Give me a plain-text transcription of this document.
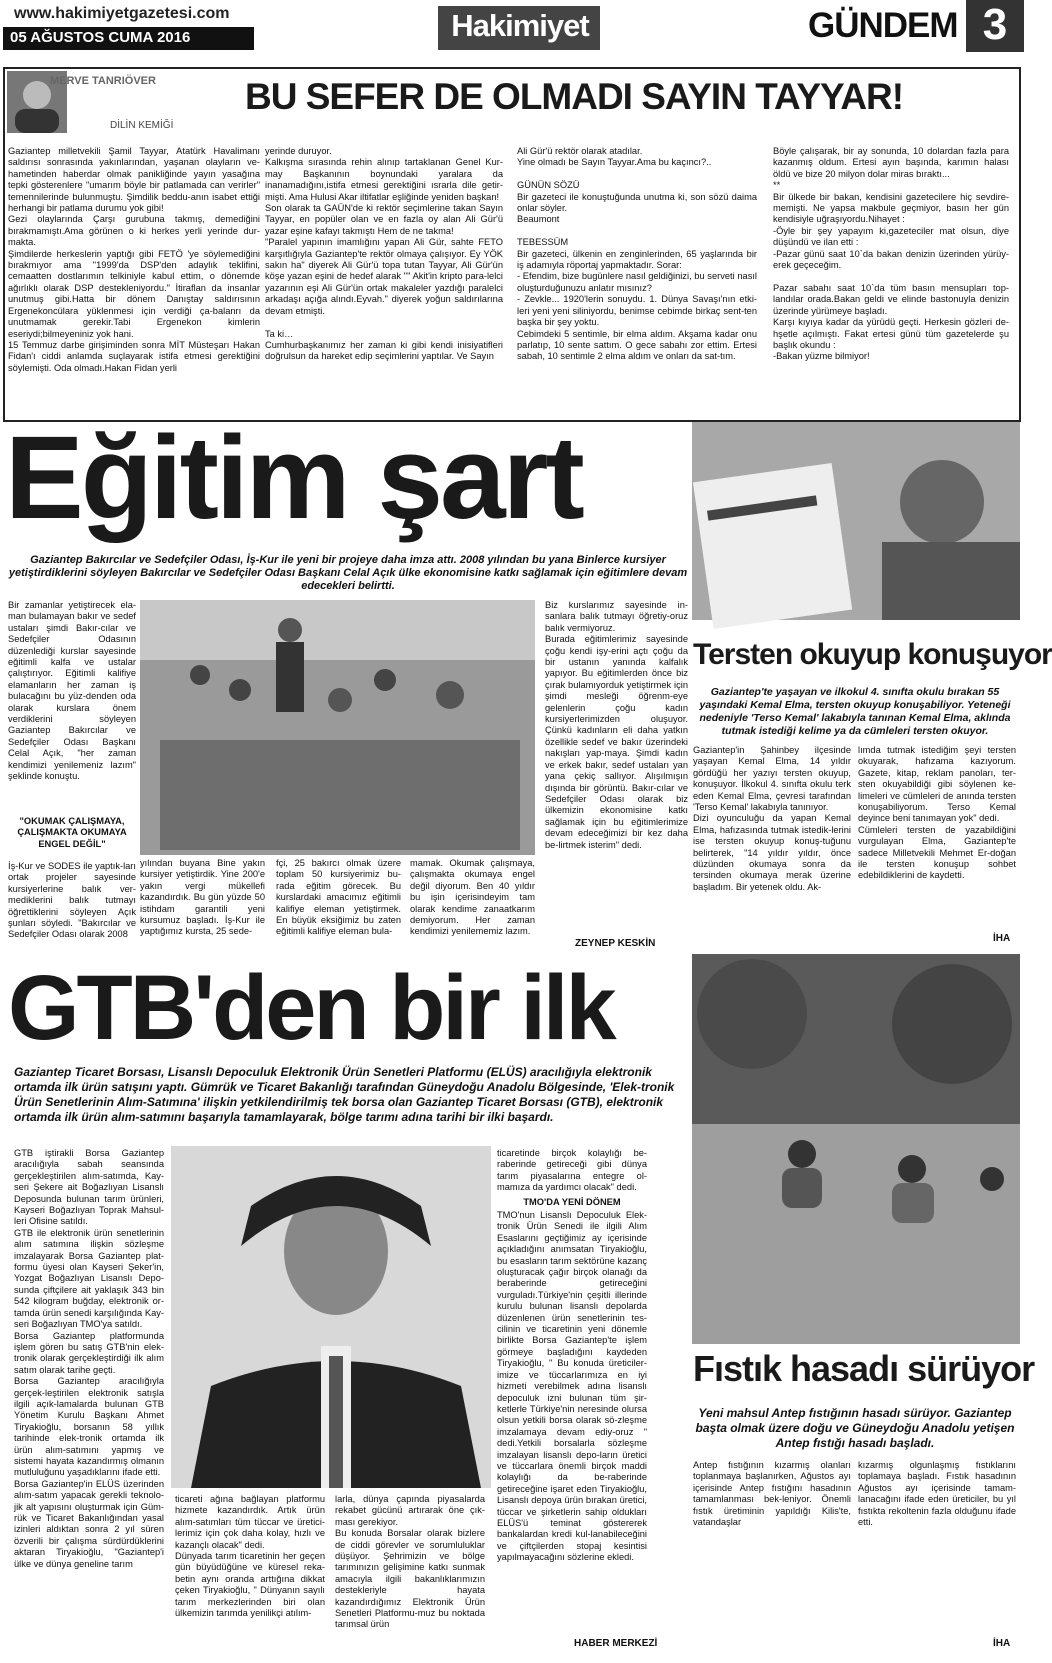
www.hakimiyetgazetesi.com
05 AĞUSTOS CUMA 2016	Hakimiyet	GÜNDEM 3
MERVE TANRIÖVER
DİLİN KEMİĞİ
BU SEFER DE OLMADI SAYIN TAYYAR!
Gaziantep milletvekili Şamil Tayyar, Atatürk Havalimanı saldırısı sonrasında yakınlarından, yaşanan olayların ve-hametinden haberdar olmak panikliğinde yayın yasağına tepki gösterenlere "umarım böyle bir patlamada can verirler" temennilerinde bulunmuştu. Şimdilik beddu-anın isabet ettiği herhangi bir patlama durumu yok gibi!
Gezi olaylarında Çarşı gurubuna takmış, demediğini bırakmamıştı.Ama görünen o ki herkes yerli yerinde dur-makta.
Şimdilerde herkeslerin yaptığı gibi FETÖ 'ye söylemediğini bırakmıyor ama "1999'da DSP'den adaylık teklifini, cemaatten dostlarımın telkiniyle kabul ettim, o dönemde ağırlıklı olarak DSP destekleniyordu." İtiraflan da insanlar unutmuş gibi.Hatta bir dönem Danıştay saldırısının Ergenekoncülara yüklenmesi için verdiği ça-balanrı da unutmamak gerekir.Tabi Ergenekon kimlerin eseriydi;bilmeyeniniz yok hani.
15 Temmuz darbe girişiminden sonra MİT Müsteşarı Hakan Fidan'ı ciddi anlamda suçlayarak istifa etmesi gerektiğini söylemişti. Oda olmadı.Hakan Fidan yerli
yerinde duruyor.
Kalkışma sırasında rehin alınıp tartaklanan Genel Kur-may Başkanının boynundaki yaralara da inanamadığını,istifa etmesi gerektiğini ısrarla dile getir-mişti. Ama Hulusi Akar iltifatlar eşliğinde yeniden başkan!
Son olarak ta GAÜN'de ki rektör seçimlerine takan Sayın Tayyar, en popüler olan ve en fazla oy alan Ali Gür'ü yazar eşine kafayı takmıştı Hem de ne takma!
"Paralel yapının imamlığını yapan Ali Gür, sahte FETO karşıtlığıyla Gaziantep'te rektör olmaya çalışıyor. Ey YÖK sakın ha" diyerek Ali Gür'ü topa tutan Tayyar, Ali Gür'ün köşe yazan eşini de hedef alarak "" Akit'in kripto para-lelci yazarının eşi Ali Gür'ün ortak makaleler yazdığı paralelci arkadaşı açığa alındı.Eyvah." diyerek yoğun saldırılarına devam etmişti.

Ta ki…
Cumhurbaşkanımız her zaman ki gibi kendi inisiyatifleri doğrulsun da hareket edip seçimlerini yaptılar. Ve Sayın
Ali Gür'ü rektör olarak atadılar.
Yine olmadı be Sayın Tayyar.Ama bu kaçıncı?..

GÜNÜN SÖZÜ
Bir gazeteci ile konuştuğunda unutma ki, son sözü daima onlar söyler.
Beaumont

TEBESSÜM
Bir gazeteci, ülkenin en zenginlerinden, 65 yaşlarında bir iş adamıyla röportaj yapmaktadır. Sorar:
- Efendim, bize bugünlere nasıl geldiğinizi, bu serveti nasıl oluşturduğunuzu anlatır mısınız?
- Zevkle... 1920'lerin sonuydu. 1. Dünya Savaşı'nın etki-leri yeni yeni siliniyordu, benimse cebimde birkaç sent-ten başka bir şey yoktu.
Cebimdeki 5 sentimle, bir elma aldım. Akşama kadar onu parlatıp, 10 sente sattım. O gece sabahı zor ettim. Ertesi sabah, 10 sentimle 2 elma aldım ve onları da sat-tım.
Böyle çalışarak, bir ay sonunda, 10 dolardan fazla para kazanmış oldum. Ertesi ayın başında, karımın halası öldü ve bize 20 milyon dolar miras bıraktı...
**
Bir ülkede bir bakan, kendisini gazetecilere hiç sevdire-memişti. Ne yapsa makbule geçmiyor, basın her gün kendisiyle uğraşıyordu.Nihayet :
-Öyle bir şey yapayım ki,gazeteciler mat olsun, diye düşündü ve ilan etti :
-Pazar günü saat 10`da bakan denizin üzerinden yürüy-erek geçeceğim.

Pazar sabahı saat 10`da tüm basın mensupları top-landılar orada.Bakan geldi ve elinde bastonuyla denizin üzerinde yürümeye başladı.
Karşı kıyıya kadar da yürüdü geçti. Herkesin gözleri de-hşetle açılmıştı. Fakat ertesi günü tüm gazetelerde şu başlık okundu :
-Bakan yüzme bilmiyor!
Eğitim şart
Gaziantep Bakırcılar ve Sedefçiler Odası, İş-Kur ile yeni bir projeye daha imza attı. 2008 yılından bu yana Binlerce kursiyer yetiştirdiklerini söyleyen Bakırcılar ve Sedefçiler Odası Başkanı Celal Açık ülke ekonomisine katkı sağlamak için eğitimlere devam edecekleri belirtti.
Bir zamanlar yetiştirecek ela-man bulamayan bakır ve sedef ustaları şimdi Bakır-cılar ve Sedefçiler Odasının düzenlediği kurslar sayesinde eğitimli kalfa ve ustalar çalıştırıyor. Eğitimli kalifiye elamanların her zaman iş bulacağını bu yüz-denden oda olarak kurslara önem verdiklerini söyleyen Gaziantep Bakırcılar ve Sedefçiler Odası Başkanı Celal Açık, "her zaman kendimizi yenilemeniz lazım" şeklinde konuştu.
"OKUMAK ÇALIŞMAYA, ÇALIŞMAKTA OKUMAYA ENGEL DEĞİL"
İş-Kur ve SODES ile yaptık-ları ortak projeler sayesinde kursiyerlerine balık ver-mediklerini balık tutmayı öğrettiklerini söyleyen Açık şunları söyledi. "Bakırcılar ve Sedefçiler Odası olarak 2008
yılından buyana Bine yakın kursiyer yetiştirdik. Yine 200'e yakın vergi mükellefi kazandırdık. Bu gün yüzde 50 istihdam garantili yeni kursumuz başladı. İş-Kur ile yaptığımız kursta, 25 sede-
fçi, 25 bakırcı olmak üzere toplam 50 kursiyerimiz bu-rada eğitim görecek. Bu kurslardaki amacımız eğitimli kalifiye eleman yetiştirmek. En büyük eksiğimiz bu zaten eğitimli kalifiye eleman bula-
mamak. Okumak çalışmaya, çalışmakta okumaya engel değil diyorum. Ben 40 yıldır bu işin içerisindeyim tam olarak kendime zanaatkarım demiyorum. Her zaman kendimizi yenilememiz lazım.
Biz kurslarımız sayesinde in-sanlara balık tutmayı öğretiy-oruz balık vermiyoruz.
Burada eğitimlerimiz sayesinde çoğu kendi işy-erini açtı çoğu da bir ustanın yanında kalfalık yapıyor. Bu eğitimlerden önce biz çırak bulamıyorduk yetiştirmek için şimdi mesleği öğrenm-eye gelenlerin çoğu kadın kursiyerlerimizden oluşuyor. Çünkü kadınların eli daha yatkın özellikle sedef ve bakır üzerindeki nakışları yap-maya. Şimdi kadın ve erkek bakır, sedef ustaları yan yana çekiç sallıyor. Alışılmışın dışında bir görüntü. Bakır-cılar ve Sedefçiler Odası olarak biz ülkemizin ekonomisine katkı sağlamak için bu eğitimlerimize devam edeceğimizi bir kez daha be-lirtmek isterim" dedi.
ZEYNEP KESKİN
Tersten okuyup konuşuyor
Gaziantep'te yaşayan ve ilkokul 4. sınıfta okulu bırakan 55 yaşındaki Kemal Elma, tersten okuyup konuşabiliyor. Yeteneği nedeniyle 'Terso Kemal' lakabıyla tanınan Kemal Elma, aklında tutmak istediği kelime ya da cümleleri tersten okuyor.
Gaziantep'in Şahinbey ilçesinde yaşayan Kemal Elma, 14 yıldır gördüğü her yazıyı tersten okuyup, konuşuyor. İlkokul 4. sınıfta okulu terk eden Kemal Elma, çevresi tarafından 'Terso Kemal' lakabıyla tanınıyor.
Dizi oyunculuğu da yapan Kemal Elma, hafızasında tutmak istedik-lerini ise tersten okuyup konuş-tuğunu belirterek, "14 yıldır yıldır, önce düzünden okumaya sonra da tersinden okumaya merak üzerine başladım. Bir yetenek oldu. Ak-
lımda tutmak istediğim şeyi tersten okuyarak, hafızama kazıyorum. Gazete, kitap, reklam panoları, ter-sten okuyabildiği gibi söylenen ke-limeleri ve cümleleri de anında tersten konuşabiliyorum. Terso Kemal deyince beni tanımayan yok" dedi.
Cümleleri tersten de yazabildiğini vurgulayan Elma, Gaziantep'te sadece Milletvekili Mehmet Er-doğan ile tersten konuşup sohbet edebildiklerini de kaydetti.
İHA
GTB'den bir ilk
Gaziantep Ticaret Borsası, Lisanslı Depoculuk Elektronik Ürün Senetleri Platformu (ELÜS) aracılığıyla elektronik ortamda ilk ürün satışını yaptı. Gümrük ve Ticaret Bakanlığı tarafından Güneydoğu Anadolu Bölgesinde, 'Elek-tronik Ürün Senetlerinin Alım-Satımına' ilişkin yetkilendirilmiş tek borsa olan Gaziantep Ticaret Borsası (GTB), elektronik ortamda ilk ürün alım-satımını başarıyla tamamlayarak, bölge tarımı adına tarihi bir ilki başardı.
GTB iştirakli Borsa Gaziantep aracılığıyla sabah seansında gerçekleştirilen alım-satımda, Kay-seri Şekere ait Boğazlıyan Lisanslı Deposunda bulunan tarım ürünleri, Kayseri Boğazlıyan Toprak Mahsul-leri Ofisine satıldı.
GTB ile elektronik ürün senetlerinin alım satımına ilişkin sözleşme imzalayarak Borsa Gaziantep plat-formu üyesi olan Kayseri Şeker'in, Yozgat Boğazlıyan Lisanslı Depo-sunda çiftçilere ait yaklaşık 343 bin 542 kilogram buğday, elektronik or-tamda ürün senedi karşılığında Kay-seri Boğazlıyan TMO'ya satıldı.
Borsa Gaziantep platformunda işlem gören bu satış GTB'nin elek-tronik olarak gerçekleştirdiği ilk alım satım olarak tarihe geçti.
Borsa Gaziantep aracılığıyla gerçek-leştirilen elektronik satışla ilgili açık-lamalarda bulunan GTB Yönetim Kurulu Başkanı Ahmet Tiryakioğlu, borsanın 58 yıllık tarihinde elek-tronik ortamda ilk ürün alım-satımını yapmış ve sistemi hayata kazandırmış olmanın mutluluğunu yaşadıklarını ifade etti.
Borsa Gaziantep'in ELÜS üzerinden alım-satım yapacak gerekli teknolo-jik alt yapısını oluşturmak için Güm-rük ve Ticaret Bakanlığından yasal izinleri aldıktan sonra 2 yıl süren özverili bir çalışma sürdürdüklerini aktaran Tiryakioğlu, "Gaziantep'i ülke ve dünya geneline tarım
ticareti ağına bağlayan platformu hizmete kazandırdık. Artık ürün alım-satımları tüm tüccar ve üretici-lerimiz için çok daha kolay, hızlı ve kazançlı olacak" dedi.
Dünyada tarım ticaretinin her geçen gün büyüdüğüne ve küresel reka-betin aynı oranda arttığına dikkat çeken Tiryakioğlu, " Dünyanın sayılı tarım merkezlerinden biri olan ülkemizin tarımda yenilikçi atılım-
larla, dünya çapında piyasalarda rekabet gücünü artırarak öne çık-ması gerekiyor.
Bu konuda Borsalar olarak bizlere de ciddi görevler ve sorumluluklar düşüyor. Şehrimizin ve bölge tarımınızın gelişimine katkı sunmak amacıyla ilgili bakanlıklarımızın destekleriyle hayata kazandırdığımız Elektronik Ürün Senetleri Platformu-muz bu noktada tarımsal ürün
ticaretinde birçok kolaylığı be-raberinde getireceği gibi dünya tarım piyasalarına entegre ol-mamıza da yardımcı olacak" dedi.
TMO'DA YENİ DÖNEM
TMO'nun Lisanslı Depoculuk Elek-tronik Ürün Senedi ile ilgili Alım Esaslarını geçtiğimiz ay içerisinde açıkladığını anımsatan Tiryakioğlu, bu esasların tarım sektörüne kazanç oluşturacak çağır birçok olanağı da beraberinde getireceğini vurguladı.Türkiye'nin çeşitli illerinde kurulu bulunan lisanslı depolarda düzenlenen ürün senetlerinin tes-cilinin ve ticaretinin yeni dönemle birlikte Borsa Gaziantep'te işlem görmeye başladığını kaydeden Tiryakioğlu, " Bu konuda üreticiler-imize ve tüccarlarımıza en iyi hizmeti verebilmek adına lisanslı depoculuk izni bulunan tüm şir-ketlerle Türkiye'nin neresinde olursa olsun yetkili borsa olarak sö-zleşme imzalamaya devam ediy-oruz " dedi.Yetkili borsalarla sözleşme imzalayan lisanslı depo-ların üretici ve tüccarlara önemli birçok maddi kolaylığı da be-raberinde getireceğine işaret eden Tiryakioğlu, Lisanslı depoya ürün bırakan üretici, tüccar ve şirketlerin sahip oldukları ELÜS'ü teminat göstererek bankalardan kredi kul-lanabileceğini ve çiftçilerden stopaj kesintisi yapılmayacağını sözlerine ekledi.
HABER MERKEZİ
Fıstık hasadı sürüyor
Yeni mahsul Antep fıstığının hasadı sürüyor. Gaziantep başta olmak üzere doğu ve Güneydoğu Anadolu yetişen Antep fıstığı hasadı başladı.
Antep fıstığının kızarmış olanları toplanmaya başlanırken, Ağustos ayı içerisinde Antep fıstığını hasadının tamamlanması bek-leniyor. Önemli fıstık üretiminin yapıldığı Kilis'te, vatandaşlar
kızarmış olgunlaşmış fıstıklarını toplamaya başladı. Fıstık hasadının Ağustos ayı içerisinde tamam-lanacağını ifade eden üreticiler, bu yıl fıstıkta rekoltenin fazla olduğunu ifade etti.
İHA
